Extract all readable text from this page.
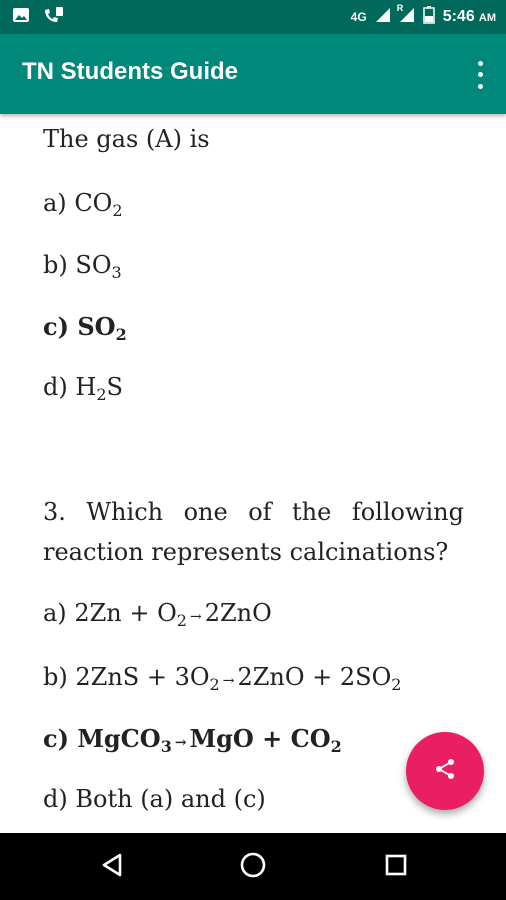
4G
R 5:46 AM
TN Students Guide
The gas (A) is
a) $CO_2$
b) $SO_3$
c) $SO_2$
d) $H_2S$
3. Which one of the following reaction represents calcinations?
a) $2Zn + O_2 \to 2ZnO$
b) $2ZnS + 3O_2 \to 2ZnO + 2SO_2$
c) MgCO$_3$ → MgO + $CO_2$
d) Both (a) and (c)
